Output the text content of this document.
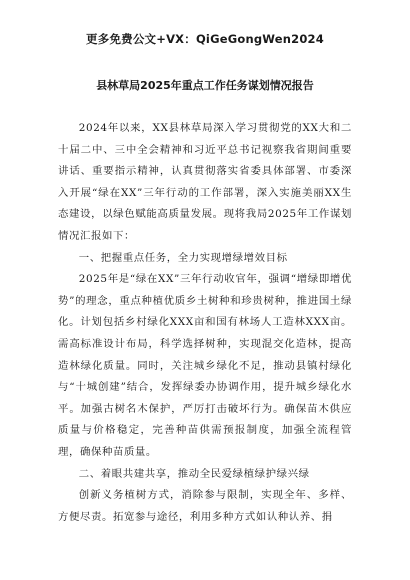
更多免费公文+VX：QiGeGongWen2024
县林草局2025年重点工作任务谋划情况报告

2024年以来，XX县林草局深入学习贯彻党的XX大和二十届二中、三中全会精神和习近平总书记视察我省期间重要讲话、重要指示精神，认真贯彻落实省委具体部署、市委深入开展“绿在XX”三年行动的工作部署，深入实施美丽XX生态建设，以绿色赋能高质量发展。现将我局2025年工作谋划情况汇报如下：

一、把握重点任务，全力实现增绿增效目标

2025年是“绿在XX”三年行动收官年，强调“增绿即增优势”的理念，重点种植优质乡土树种和珍贵树种，推进国土绿化。计划包括乡村绿化XXX亩和国有林场人工造林XXX亩。需高标准设计布局，科学选择树种，实现混交化造林，提高造林绿化质量。同时，关注城乡绿化不足，推动县镇村绿化与“十城创建”结合，发挥绿委办协调作用，提升城乡绿化水平。加强古树名木保护，严厉打击破坏行为。确保苗木供应质量与价格稳定，完善种苗供需预报制度，加强全流程管理，确保种苗质量。

二、着眼共建共享，推动全民爱绿植绿护绿兴绿

创新义务植树方式，消除参与限制，实现全年、多样、方便尽责。拓宽参与途径，利用多种方式如认种认养、捐
